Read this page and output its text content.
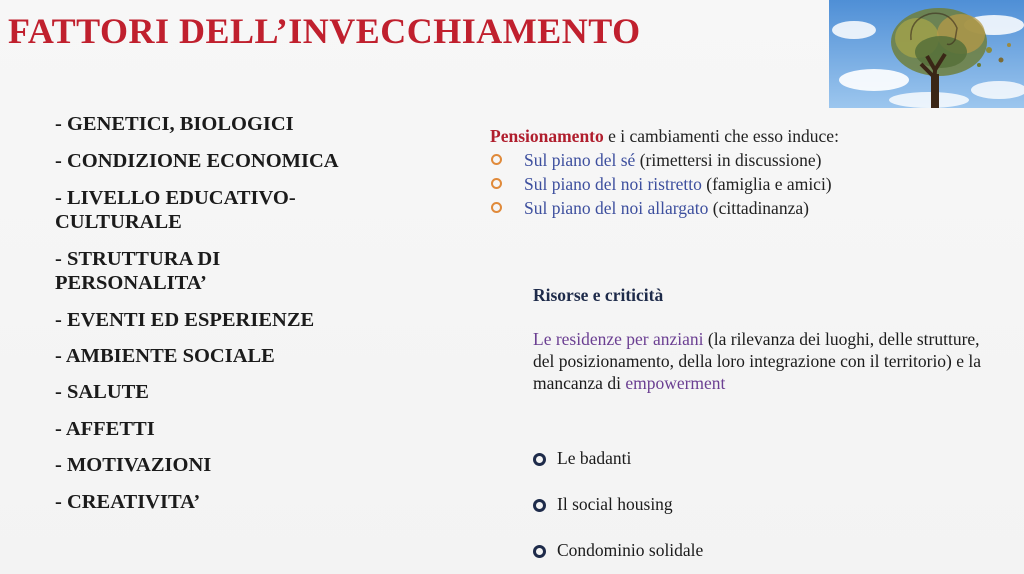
FATTORI DELL’INVECCHIAMENTO
- GENETICI, BIOLOGICI
- CONDIZIONE ECONOMICA
- LIVELLO EDUCATIVO-
CULTURALE
- STRUTTURA DI
PERSONALITA’
- EVENTI ED ESPERIENZE
- AMBIENTE SOCIALE
- SALUTE
- AFFETTI
- MOTIVAZIONI
- CREATIVITA’
Pensionamento e i cambiamenti che esso induce:
Sul piano del sé (rimettersi in discussione)
Sul piano del noi ristretto (famiglia e amici)
Sul piano del noi allargato (cittadinanza)
Risorse e criticità
Le residenze per anziani (la rilevanza dei luoghi, delle strutture, del posizionamento, della loro integrazione con il territorio) e la mancanza di empowerment
Le badanti
Il social housing
Condominio solidale
